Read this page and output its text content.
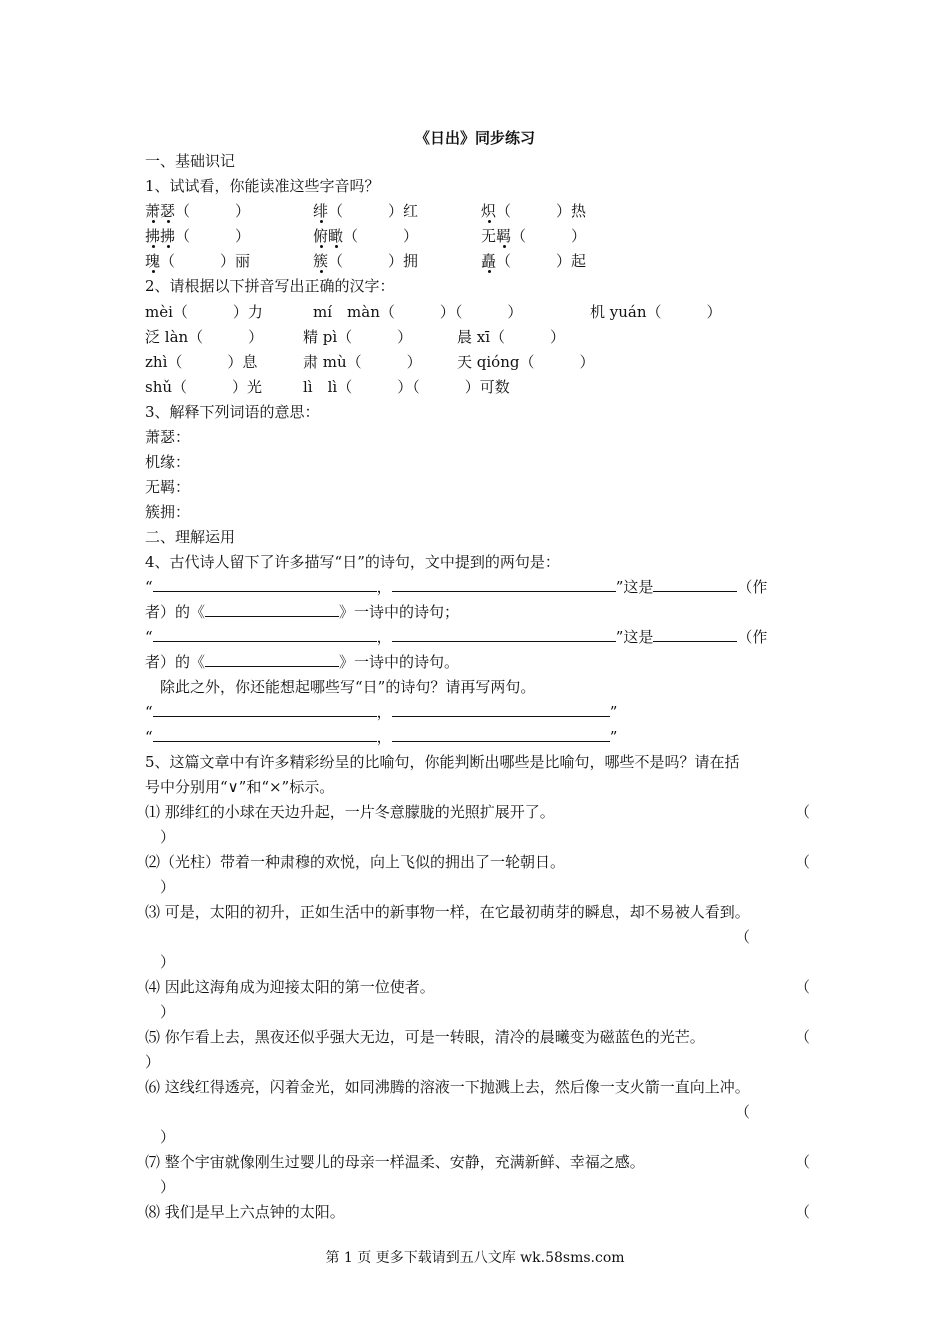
《日出》同步练习
一、基础识记
1、试试看，你能读准这些字音吗？
萧瑟（　　　）	绯（　　　）红	炽（　　　）热
拂拂（　　　）	俯瞰（　　　）	无羁（　　　）
瑰（　　　）丽	簇（　　　）拥	矗（　　　）起
2、请根据以下拼音写出正确的汉字：
mèi（　　　）力	mí　màn（　　　）（　　　）	机 yuán（　　　）
泛 làn（　　　）	精 pì（　　　）	晨 xī（　　　）
zhì（　　　）息	肃 mù（　　　） 天 qióng（　　　）
shǔ（　　　）光	lì　lì（　　　）（　　　）可数
3、解释下列词语的意思：
萧瑟：
机缘：
无羁：
簇拥：
二、理解运用
4、古代诗人留下了许多描写“日”的诗句，文中提到的两句是：
“	，	”这是	（作
者）的《	》一诗中的诗句；
“	，	”这是	（作
者）的《	》一诗中的诗句。
除此之外，你还能想起哪些写“日”的诗句？请再写两句。
“	，	”
“	，	”
5、这篇文章中有许多精彩纷呈的比喻句，你能判断出哪些是比喻句，哪些不是吗？请在括
号中分别用“∨”和“×”标示。
⑴ 那绯红的小球在天边升起，一片冬意朦胧的光照扩展开了。	（
）
⑵（光柱）带着一种肃穆的欢悦，向上飞似的拥出了一轮朝日。	（
）
⑶ 可是，太阳的初升，正如生活中的新事物一样，在它最初萌芽的瞬息，却不易被人看到。
（
）
⑷ 因此这海角成为迎接太阳的第一位使者。	（
）
⑸ 你乍看上去，黑夜还似乎强大无边，可是一转眼，清冷的晨曦变为磁蓝色的光芒。	（
）
⑹ 这线红得透亮，闪着金光，如同沸腾的溶液一下抛溅上去，然后像一支火箭一直向上冲。
（
）
⑺ 整个宇宙就像刚生过婴儿的母亲一样温柔、安静，充满新鲜、幸福之感。	（
）
⑻ 我们是早上六点钟的太阳。	（
第 1 页 更多下载请到五八文库 wk.58sms.com
